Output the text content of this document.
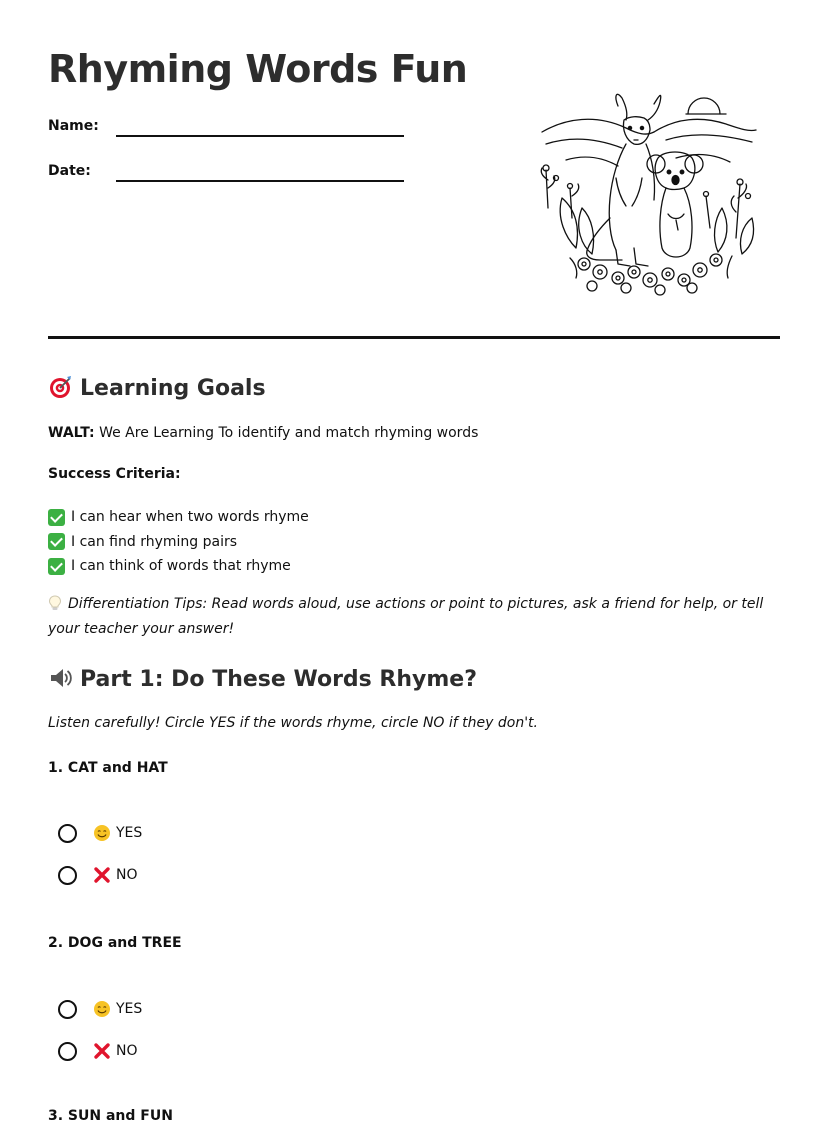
Rhyming Words Fun
Name:
Date:
Learning Goals
WALT: We Are Learning To identify and match rhyming words
Success Criteria:
I can hear when two words rhyme
I can find rhyming pairs
I can think of words that rhyme
Differentiation Tips: Read words aloud, use actions or point to pictures, ask a friend for help, or tell your teacher your answer!
Part 1: Do These Words Rhyme?
Listen carefully! Circle YES if the words rhyme, circle NO if they don't.
1. CAT and HAT
YES
NO
2. DOG and TREE
YES
NO
3. SUN and FUN
